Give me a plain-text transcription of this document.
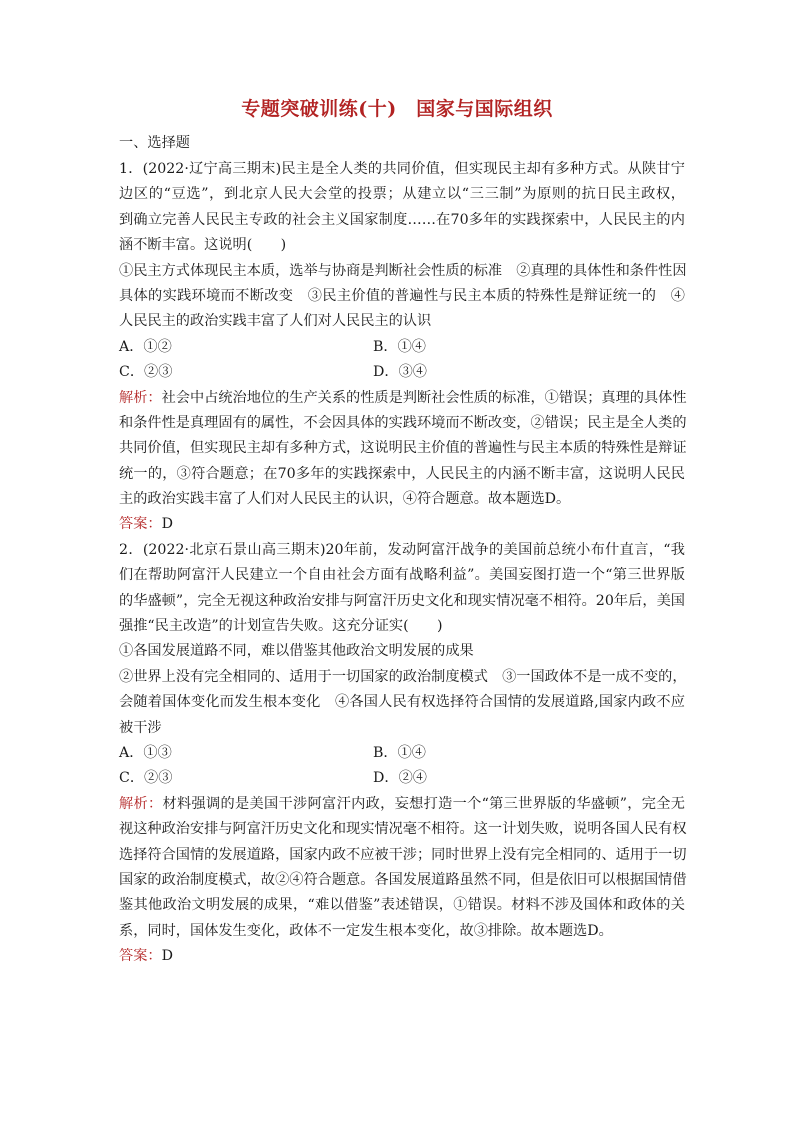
专题突破训练(十)　国家与国际组织
一、选择题
1．(2022·辽宁高三期末)民主是全人类的共同价值，但实现民主却有多种方式。从陕甘宁
边区的“豆选”，到北京人民大会堂的投票；从建立以“三三制”为原则的抗日民主政权，
到确立完善人民民主专政的社会主义国家制度……在70多年的实践探索中，人民民主的内
涵不断丰富。这说明(　　)
①民主方式体现民主本质，选举与协商是判断社会性质的标准　②真理的具体性和条件性因
具体的实践环境而不断改变　③民主价值的普遍性与民主本质的特殊性是辩证统一的　④
人民民主的政治实践丰富了人们对人民民主的认识
A．①②	B．①④
C．②③	D．③④
解析：社会中占统治地位的生产关系的性质是判断社会性质的标准，①错误；真理的具体性
和条件性是真理固有的属性，不会因具体的实践环境而不断改变，②错误；民主是全人类的
共同价值，但实现民主却有多种方式，这说明民主价值的普遍性与民主本质的特殊性是辩证
统一的，③符合题意；在70多年的实践探索中，人民民主的内涵不断丰富，这说明人民民
主的政治实践丰富了人们对人民民主的认识，④符合题意。故本题选D。
答案：D
2．(2022·北京石景山高三期末)20年前，发动阿富汗战争的美国前总统小布什直言，“我
们在帮助阿富汗人民建立一个自由社会方面有战略利益”。美国妄图打造一个“第三世界版
的华盛顿”，完全无视这种政治安排与阿富汗历史文化和现实情况毫不相符。20年后，美国
强推“民主改造”的计划宣告失败。这充分证实(　　)
①各国发展道路不同，难以借鉴其他政治文明发展的成果
②世界上没有完全相同的、适用于一切国家的政治制度模式　③一国政体不是一成不变的，
会随着国体变化而发生根本变化　④各国人民有权选择符合国情的发展道路,国家内政不应
被干涉
A．①③	B．①④
C．②③	D．②④
解析：材料强调的是美国干涉阿富汗内政，妄想打造一个“第三世界版的华盛顿”，完全无
视这种政治安排与阿富汗历史文化和现实情况毫不相符。这一计划失败，说明各国人民有权
选择符合国情的发展道路，国家内政不应被干涉；同时世界上没有完全相同的、适用于一切
国家的政治制度模式，故②④符合题意。各国发展道路虽然不同，但是依旧可以根据国情借
鉴其他政治文明发展的成果，“难以借鉴”表述错误，①错误。材料不涉及国体和政体的关
系，同时，国体发生变化，政体不一定发生根本变化，故③排除。故本题选D。
答案：D
